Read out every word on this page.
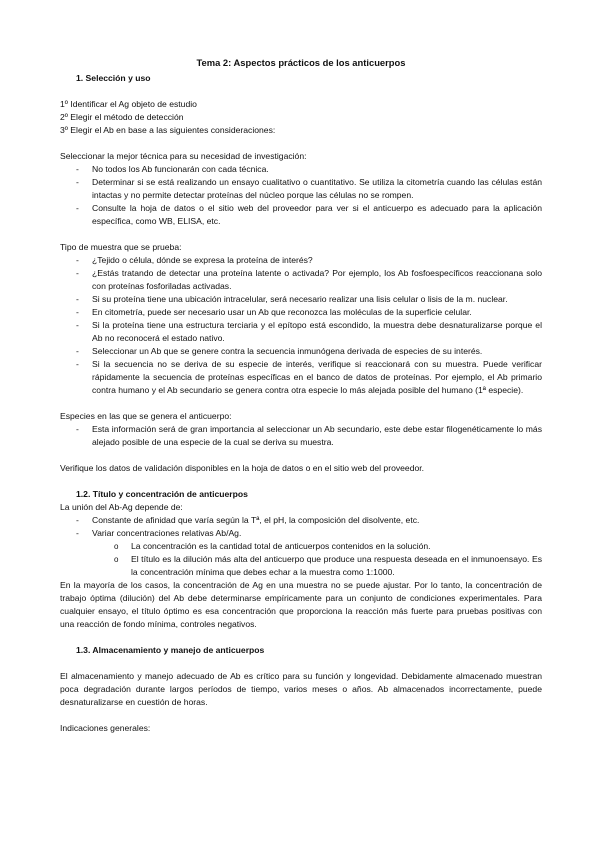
Tema 2: Aspectos prácticos de los anticuerpos
1. Selección y uso

1º Identificar el Ag objeto de estudio

2º Elegir el método de detección

3º Elegir el Ab en base a las siguientes consideraciones:

Seleccionar la mejor técnica para su necesidad de investigación:

- No todos los Ab funcionarán con cada técnica.
- Determinar si se está realizando un ensayo cualitativo o cuantitativo. Se utiliza la citometría cuando las células están intactas y no permite detectar proteínas del núcleo porque las células no se rompen.
- Consulte la hoja de datos o el sitio web del proveedor para ver si el anticuerpo es adecuado para la aplicación específica, como WB, ELISA, etc.

Tipo de muestra que se prueba:

- ¿Tejido o célula, dónde se expresa la proteína de interés?
- ¿Estás tratando de detectar una proteína latente o activada? Por ejemplo, los Ab fosfoespecíficos reaccionana solo con proteínas fosforiladas activadas.
- Si su proteína tiene una ubicación intracelular, será necesario realizar una lisis celular o lisis de la m. nuclear.
- En citometría, puede ser necesario usar un Ab que reconozca las moléculas de la superficie celular.
- Si la proteína tiene una estructura terciaria y el epítopo está escondido, la muestra debe desnaturalizarse porque el Ab no reconocerá el estado nativo.
- Seleccionar un Ab que se genere contra la secuencia inmunógena derivada de especies de su interés.
- Si la secuencia no se deriva de su especie de interés, verifique si reaccionará con su muestra. Puede verificar rápidamente la secuencia de proteínas específicas en el banco de datos de proteínas. Por ejemplo, el Ab primario contra humano y el Ab secundario se genera contra otra especie lo más alejada posible del humano (1ª especie).

Especies en las que se genera el anticuerpo:

- Esta información será de gran importancia al seleccionar un Ab secundario, este debe estar filogenéticamente lo más alejado posible de una especie de la cual se deriva su muestra.

Verifique los datos de validación disponibles en la hoja de datos o en el sitio web del proveedor.

1.2. Título y concentración de anticuerpos

La unión del Ab-Ag depende de:

- Constante de afinidad que varía según la Tª, el pH, la composición del disolvente, etc.
- Variar concentraciones relativas Ab/Ag.
o La concentración es la cantidad total de anticuerpos contenidos en la solución.
o El título es la dilución más alta del anticuerpo que produce una respuesta deseada en el inmunoensayo. Es la concentración mínima que debes echar a la muestra como 1:1000.

En la mayoría de los casos, la concentración de Ag en una muestra no se puede ajustar. Por lo tanto, la concentración de trabajo óptima (dilución) del Ab debe determinarse empíricamente para un conjunto de condiciones experimentales. Para cualquier ensayo, el título óptimo es esa concentración que proporciona la reacción más fuerte para pruebas positivas con una reacción de fondo mínima, controles negativos.

1.3. Almacenamiento y manejo de anticuerpos

El almacenamiento y manejo adecuado de Ab es crítico para su función y longevidad. Debidamente almacenado muestran poca degradación durante largos períodos de tiempo, varios meses o años. Ab almacenados incorrectamente, puede desnaturalizarse en cuestión de horas.

Indicaciones generales:
